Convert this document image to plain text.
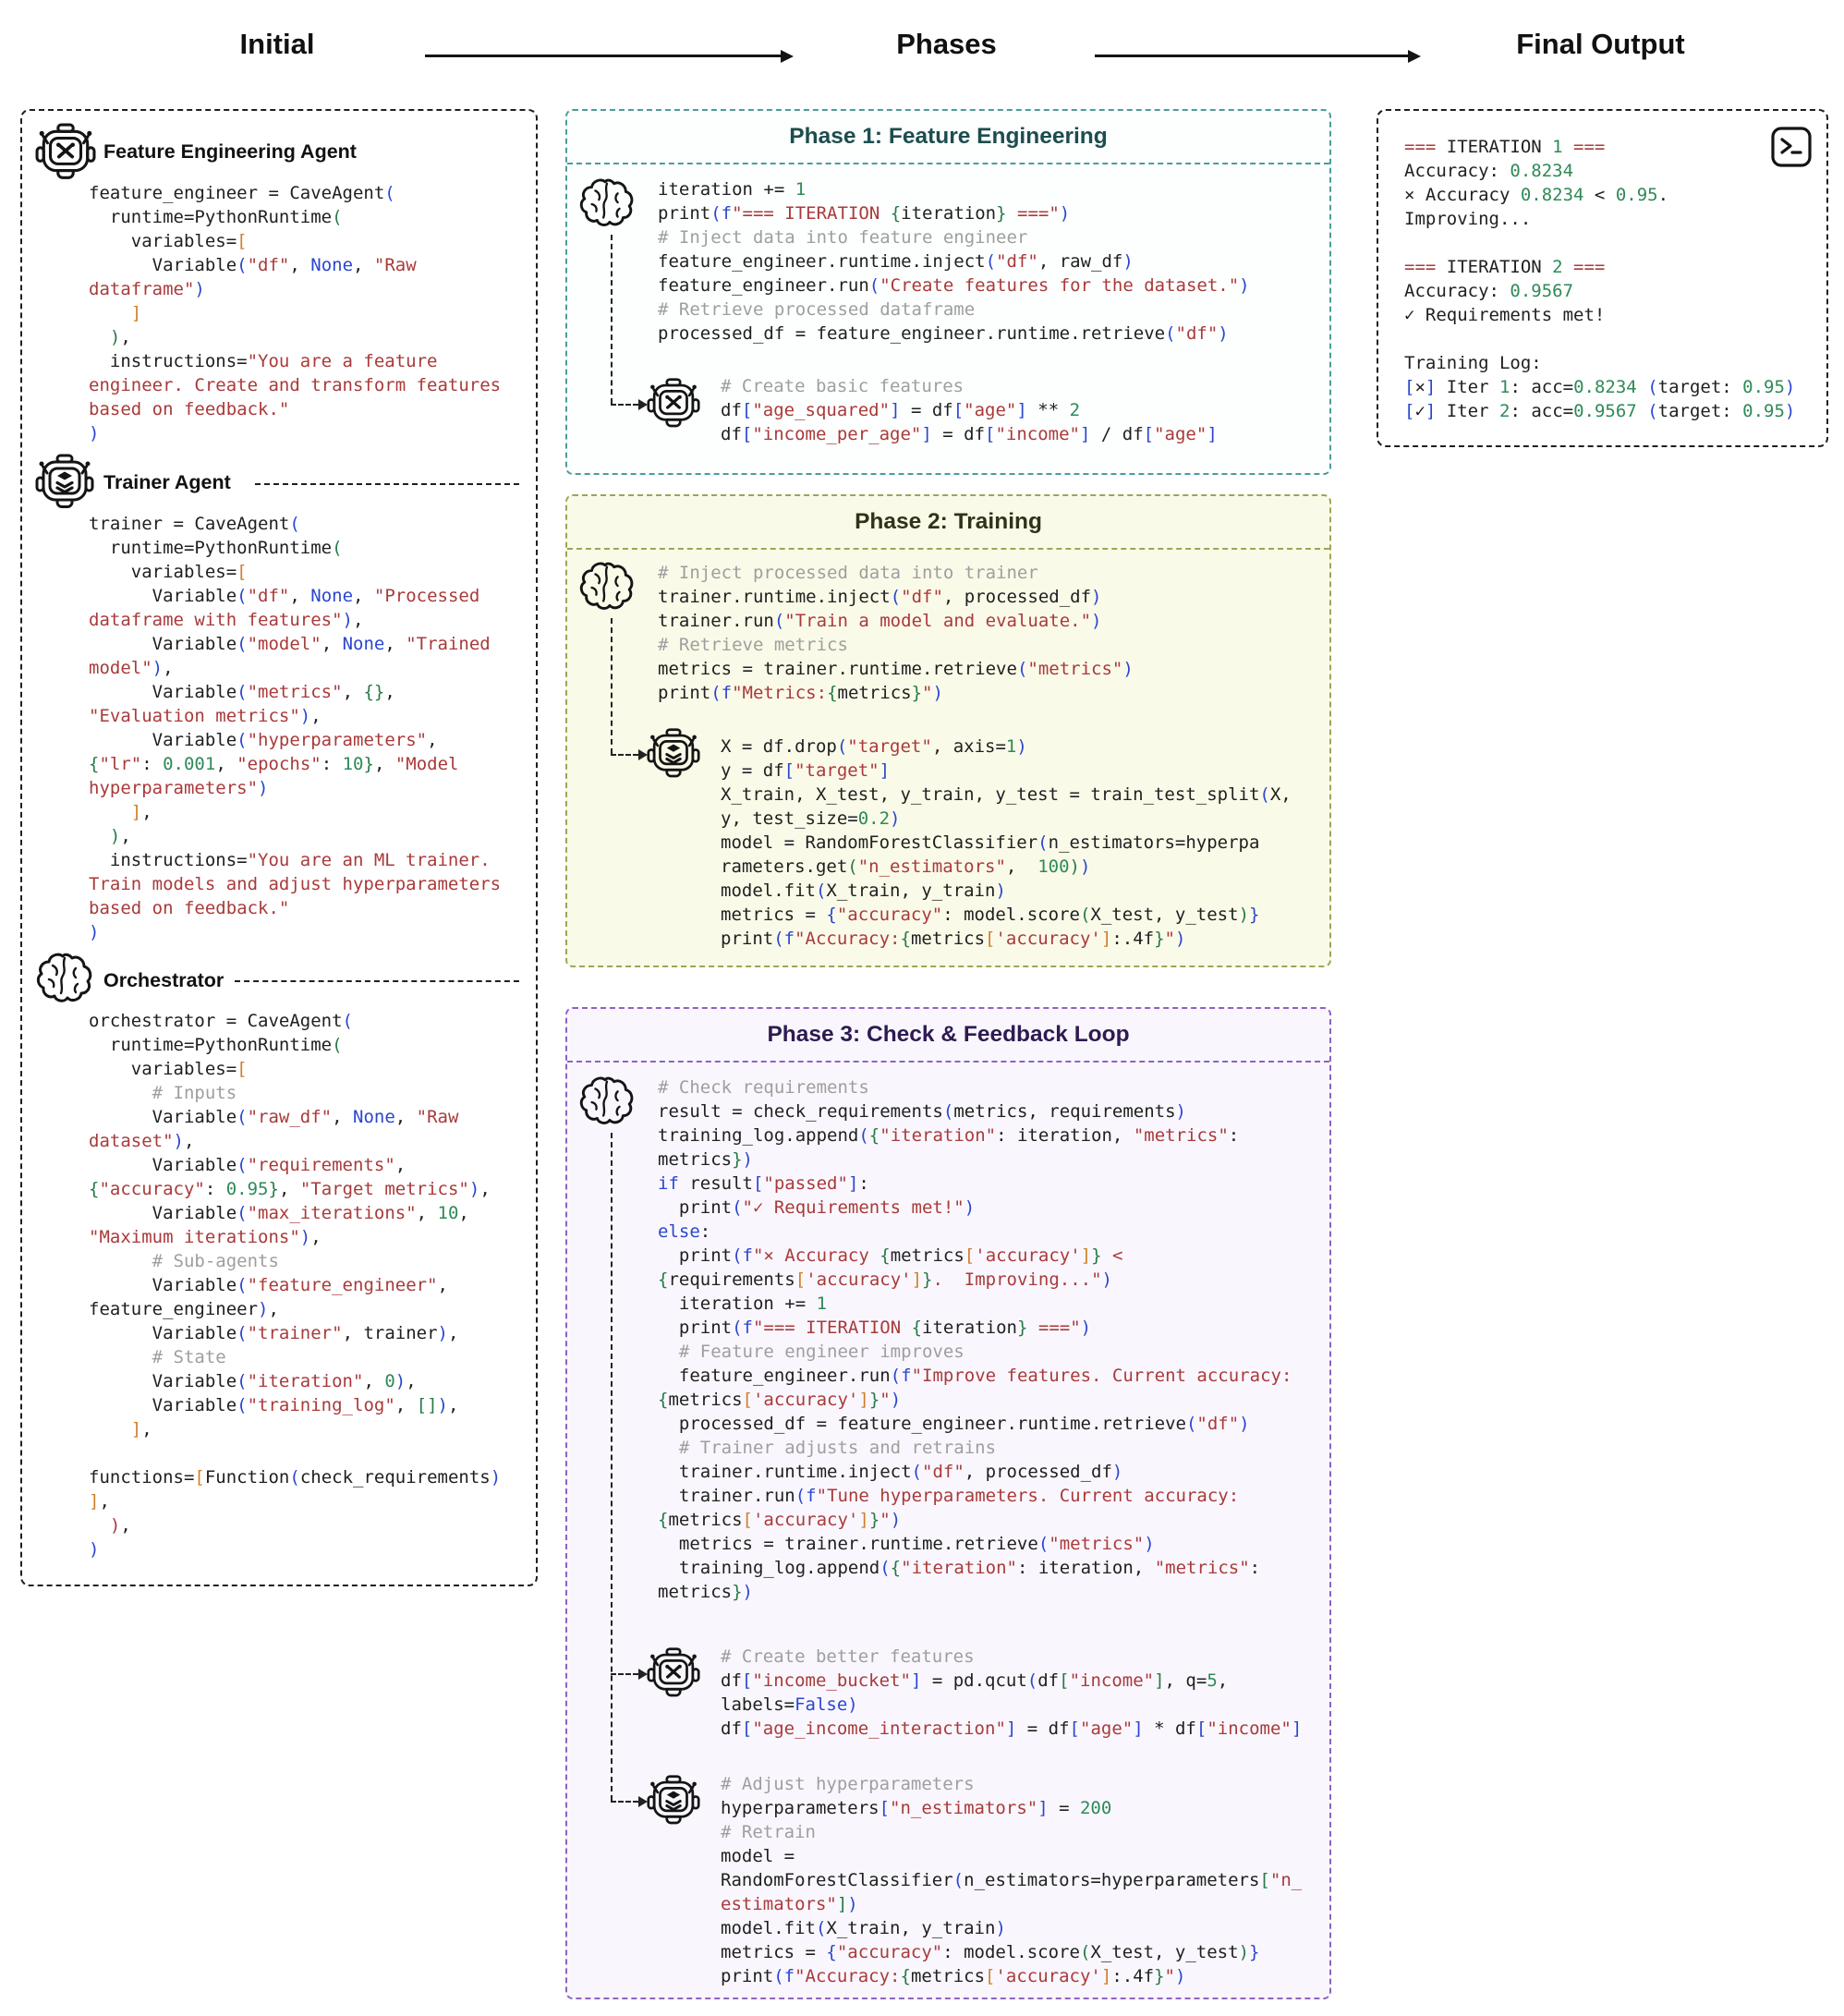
Initial	Phases	Final Output
Feature Engineering Agent
feature_engineer = CaveAgent(
runtime=PythonRuntime(
variables=[
Variable("df", None, "Raw
dataframe")
]
),
instructions="You are a feature
engineer. Create and transform features
based on feedback."
)
Trainer Agent
trainer = CaveAgent(
runtime=PythonRuntime(
variables=[
Variable("df", None, "Processed
dataframe with features"),
Variable("model", None, "Trained
model"),
Variable("metrics", {},
"Evaluation metrics"),
Variable("hyperparameters",
{"lr": 0.001, "epochs": 10}, "Model
hyperparameters")
],
),
instructions="You are an ML trainer.
Train models and adjust hyperparameters
based on feedback."
)
Orchestrator
orchestrator = CaveAgent(
runtime=PythonRuntime(
variables=[
# Inputs
Variable("raw_df", None, "Raw
dataset"),
Variable("requirements",
{"accuracy": 0.95}, "Target metrics"),
Variable("max_iterations", 10,
"Maximum iterations"),
# Sub-agents
Variable("feature_engineer",
feature_engineer),
Variable("trainer", trainer),
# State
Variable("iteration", 0),
Variable("training_log", []),
],

functions=[Function(check_requirements)
],
),
)
Phase 1: Feature Engineering
iteration += 1
print(f"=== ITERATION {iteration} ===")
# Inject data into feature engineer
feature_engineer.runtime.inject("df", raw_df)
feature_engineer.run("Create features for the dataset.")
# Retrieve processed dataframe
processed_df = feature_engineer.runtime.retrieve("df")
# Create basic features
df["age_squared"] = df["age"] ** 2
df["income_per_age"] = df["income"] / df["age"]
Phase 2: Training
# Inject processed data into trainer
trainer.runtime.inject("df", processed_df)
trainer.run("Train a model and evaluate.")
# Retrieve metrics
metrics = trainer.runtime.retrieve("metrics")
print(f"Metrics:{metrics}")
X = df.drop("target", axis=1)
y = df["target"]
X_train, X_test, y_train, y_test = train_test_split(X,
y, test_size=0.2)
model = RandomForestClassifier(n_estimators=hyperpa
rameters.get("n_estimators",  100))
model.fit(X_train, y_train)
metrics = {"accuracy": model.score(X_test, y_test)}
print(f"Accuracy:{metrics['accuracy']:.4f}")
Phase 3: Check & Feedback Loop
# Check requirements
result = check_requirements(metrics, requirements)
training_log.append({"iteration": iteration, "metrics":
metrics})
if result["passed"]:
print("✓ Requirements met!")
else:
print(f"× Accuracy {metrics['accuracy']} <
{requirements['accuracy']}.  Improving...")
iteration += 1
print(f"=== ITERATION {iteration} ===")
# Feature engineer improves
feature_engineer.run(f"Improve features. Current accuracy:
{metrics['accuracy']}")
processed_df = feature_engineer.runtime.retrieve("df")
# Trainer adjusts and retrains
trainer.runtime.inject("df", processed_df)
trainer.run(f"Tune hyperparameters. Current accuracy:
{metrics['accuracy']}")
metrics = trainer.runtime.retrieve("metrics")
training_log.append({"iteration": iteration, "metrics":
metrics})
# Create better features
df["income_bucket"] = pd.qcut(df["income"], q=5,
labels=False)
df["age_income_interaction"] = df["age"] * df["income"]
# Adjust hyperparameters
hyperparameters["n_estimators"] = 200
# Retrain
model =
RandomForestClassifier(n_estimators=hyperparameters["n_
estimators"])
model.fit(X_train, y_train)
metrics = {"accuracy": model.score(X_test, y_test)}
print(f"Accuracy:{metrics['accuracy']:.4f}")
=== ITERATION 1 ===
Accuracy: 0.8234
× Accuracy 0.8234 < 0.95.
Improving...

=== ITERATION 2 ===
Accuracy: 0.9567
✓ Requirements met!

Training Log:
[×] Iter 1: acc=0.8234 (target: 0.95)
[✓] Iter 2: acc=0.9567 (target: 0.95)
